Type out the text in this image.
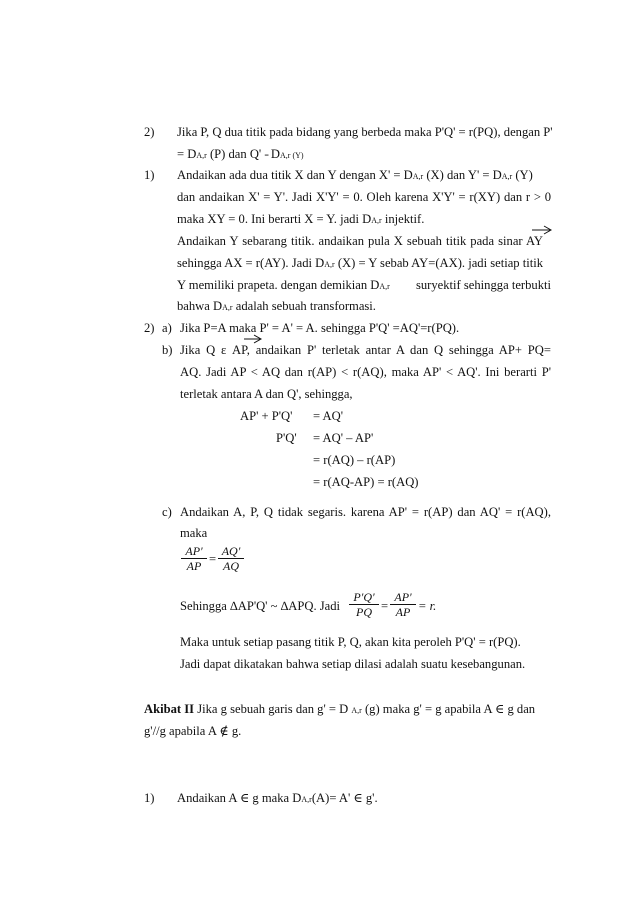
2) Jika P, Q dua titik pada bidang yang berbeda maka P'Q' = r(PQ), dengan P'
= DA,r (P) dan Q' = DA,r (Y)
1) Andaikan ada dua titik X dan Y dengan X' = DA,r (X) dan Y' = DA,r (Y)
dan andaikan X' = Y'. Jadi X'Y' = 0. Oleh karena X'Y' = r(XY) dan r > 0
maka XY = 0. Ini berarti X = Y. jadi DA,r injektif.
Andaikan Y sebarang titik. andaikan pula X sebuah titik pada sinar AY
sehingga AX = r(AY). Jadi DA,r (X) = Y sebab AY=(AX). jadi setiap titik
Y memiliki prapeta. dengan demikian DA,r suryektif sehingga terbukti
bahwa DA,r adalah sebuah transformasi.
2) a) Jika P=A maka P' = A' = A. sehingga P'Q' =AQ'=r(PQ).
b) Jika Q ε AP, andaikan P' terletak antar A dan Q sehingga AP+ PQ=
AQ. Jadi AP < AQ dan r(AP) < r(AQ), maka AP' < AQ'. Ini berarti P'
terletak antara A dan Q', sehingga,
AP' + P'Q' = AQ'
P'Q' = AQ' – AP'
= r(AQ) – r(AP)
= r(AQ-AP) = r(AQ)
c) Andaikan A, P, Q tidak segaris. karena AP' = r(AP) dan AQ' = r(AQ),
maka
$\frac{AP'}{AP} = \frac{AQ'}{AQ}$
Sehingga ∆AP'Q' ~ ∆APQ. Jadi $\frac{P'Q'}{PQ} = \frac{AP'}{AP} = r$.
Maka untuk setiap pasang titik P, Q, akan kita peroleh P'Q' = r(PQ).
Jadi dapat dikatakan bahwa setiap dilasi adalah suatu kesebangunan.
Akibat II Jika g sebuah garis dan g' = D A,r (g) maka g' = g apabila A ∈ g dan
g'//g apabila A ∉ g.
1) Andaikan A ∈ g maka DA,r(A)= A' ∈ g'.
